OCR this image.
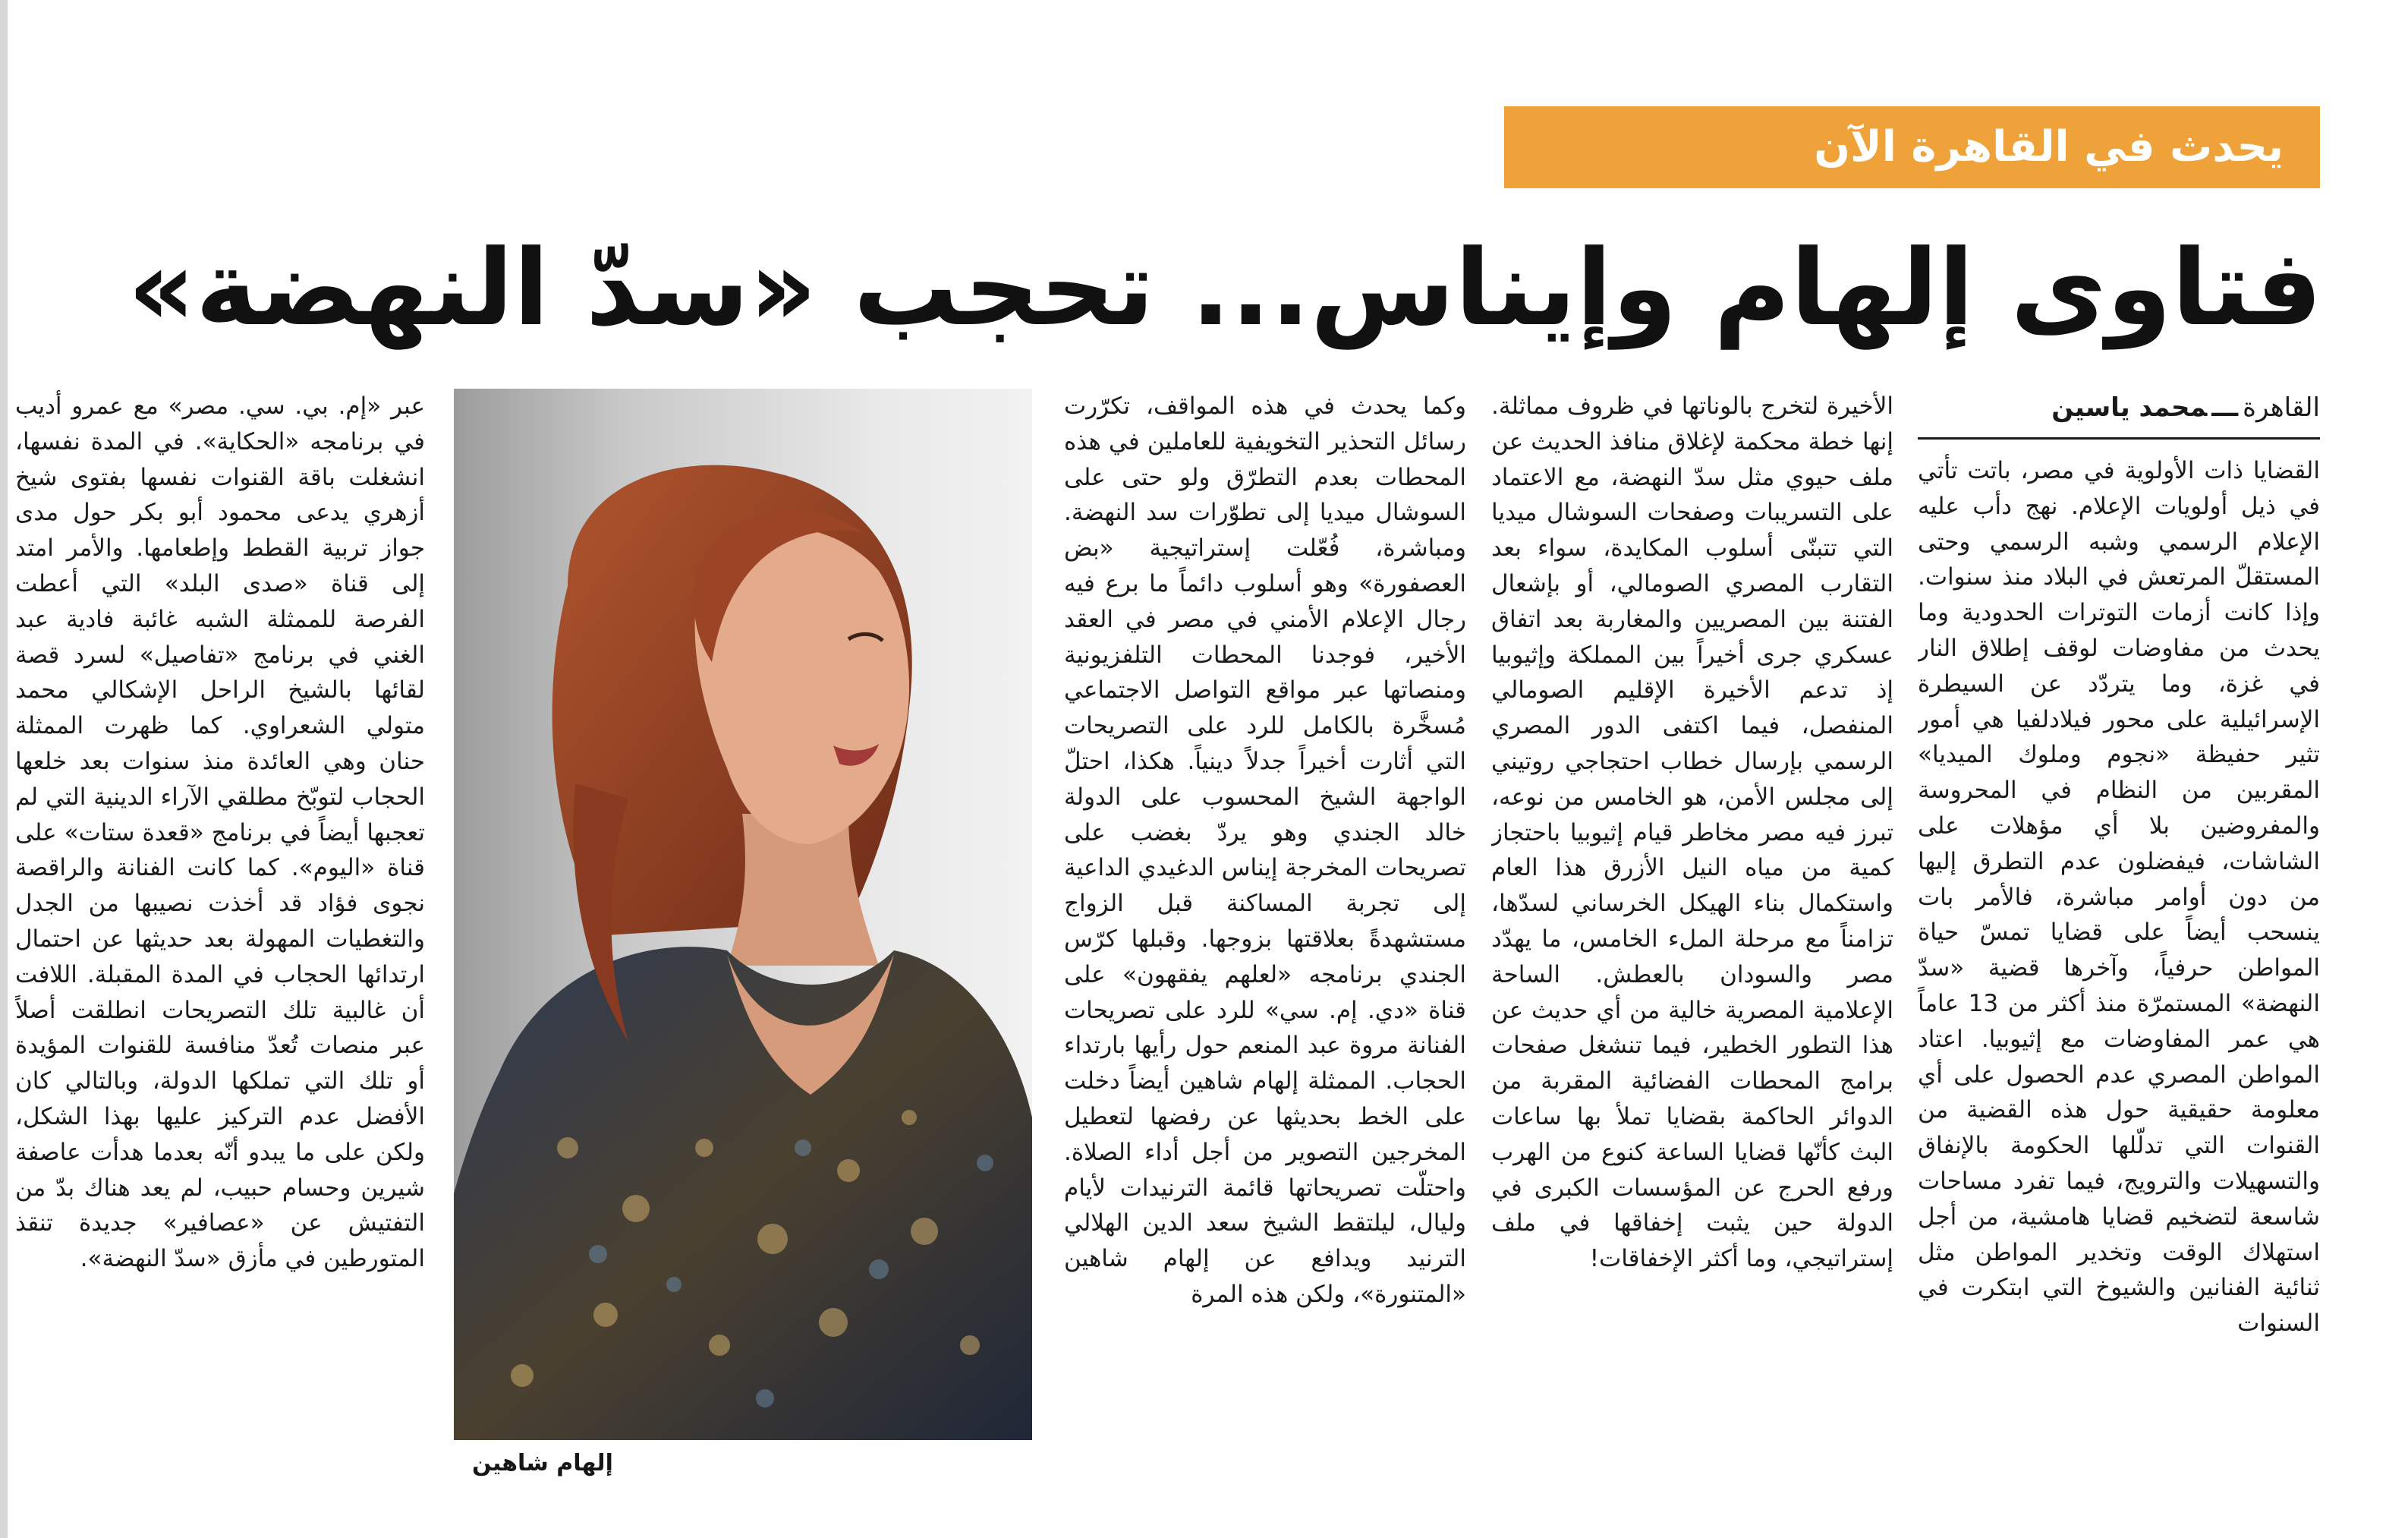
يحدث في القاهرة الآن
فتاوى إلهام وإيناس... تحجب «سدّ النهضة»
القاهرةـــمحمد ياسين

القضايا ذات الأولوية في مصر، باتت تأتي في ذيل أولويات الإعلام. نهج دأب عليه الإعلام الرسمي وشبه الرسمي وحتى المستقلّ المرتعش في البلاد منذ سنوات. وإذا كانت أزمات التوترات الحدودية وما يحدث من مفاوضات لوقف إطلاق النار في غزة، وما يتردّد عن السيطرة الإسرائيلية على محور فيلادلفيا هي أمور تثير حفيظة «نجوم وملوك الميديا» المقربين من النظام في المحروسة والمفروضين بلا أي مؤهلات على الشاشات، فيفضلون عدم التطرق إليها من دون أوامر مباشرة، فالأمر بات ينسحب أيضاً على قضايا تمسّ حياة المواطن حرفياً، وآخرها قضية «سدّ النهضة» المستمرّة منذ أكثر من 13 عاماً هي عمر المفاوضات مع إثيوبيا. اعتاد المواطن المصري عدم الحصول على أي معلومة حقيقية حول هذه القضية من القنوات التي تدلّلها الحكومة بالإنفاق والتسهيلات والترويج، فيما تفرد مساحات شاسعة لتضخيم قضايا هامشية، من أجل استهلاك الوقت وتخدير المواطن مثل ثنائية الفنانين والشيوخ التي ابتكرت في السنوات

الأخيرة لتخرج بالوناتها في ظروف مماثلة. إنها خطة محكمة لإغلاق منافذ الحديث عن ملف حيوي مثل سدّ النهضة، مع الاعتماد على التسريبات وصفحات السوشال ميديا التي تتبنّى أسلوب المكايدة، سواء بعد التقارب المصري الصومالي، أو بإشعال الفتنة بين المصريين والمغاربة بعد اتفاق عسكري جرى أخيراً بين المملكة وإثيوبيا إذ تدعم الأخيرة الإقليم الصومالي المنفصل، فيما اكتفى الدور المصري الرسمي بإرسال خطاب احتجاجي روتيني إلى مجلس الأمن، هو الخامس من نوعه، تبرز فيه مصر مخاطر قيام إثيوبيا باحتجاز كمية من مياه النيل الأزرق هذا العام واستكمال بناء الهيكل الخرساني لسدّها، تزامناً مع مرحلة الملء الخامس، ما يهدّد مصر والسودان بالعطش. الساحة الإعلامية المصرية خالية من أي حديث عن هذا التطور الخطير، فيما تنشغل صفحات برامج المحطات الفضائية المقربة من الدوائر الحاكمة بقضايا تملأ بها ساعات البث كأنّها قضايا الساعة كنوع من الهرب ورفع الحرج عن المؤسسات الكبرى في الدولة حين يثبت إخفاقها في ملف إستراتيجي، وما أكثر الإخفاقات!

وكما يحدث في هذه المواقف، تكرّرت رسائل التحذير التخويفية للعاملين في هذه المحطات بعدم التطرّق ولو حتى على السوشال ميديا إلى تطوّرات سد النهضة. ومباشرة، فُعّلت إستراتيجية «بض العصفورة» وهو أسلوب دائماً ما برع فيه رجال الإعلام الأمني في مصر في العقد الأخير، فوجدنا المحطات التلفزيونية ومنصاتها عبر مواقع التواصل الاجتماعي مُسخَّرة بالكامل للرد على التصريحات التي أثارت أخيراً جدلاً دينياً. هكذا، احتلّ الواجهة الشيخ المحسوب على الدولة خالد الجندي وهو يردّ بغضب على تصريحات المخرجة إيناس الدغيدي الداعية إلى تجربة المساكنة قبل الزواج مستشهدةً بعلاقتها بزوجها. وقبلها كرّس الجندي برنامجه «لعلهم يفقهون» على قناة «دي. إم. سي» للرد على تصريحات الفنانة مروة عبد المنعم حول رأيها بارتداء الحجاب. الممثلة إلهام شاهين أيضاً دخلت على الخط بحديثها عن رفضها لتعطيل المخرجين التصوير من أجل أداء الصلاة. واحتلّت تصريحاتها قائمة الترنيدات لأيام وليال، ليلتقط الشيخ سعد الدين الهلالي الترنيد ويدافع عن إلهام شاهين «المتنورة»، ولكن هذه المرة

إلهام شاهين

عبر «إم. بي. سي. مصر» مع عمرو أديب في برنامجه «الحكاية». في المدة نفسها، انشغلت باقة القنوات نفسها بفتوى شيخ أزهري يدعى محمود أبو بكر حول مدى جواز تربية القطط وإطعامها. والأمر امتد إلى قناة «صدى البلد» التي أعطت الفرصة للممثلة الشبه غائبة فادية عبد الغني في برنامج «تفاصيل» لسرد قصة لقائها بالشيخ الراحل الإشكالي محمد متولي الشعراوي. كما ظهرت الممثلة حنان وهي العائدة منذ سنوات بعد خلعها الحجاب لتوبّخ مطلقي الآراء الدينية التي لم تعجبها أيضاً في برنامج «قعدة ستات» على قناة «اليوم». كما كانت الفنانة والراقصة نجوى فؤاد قد أخذت نصيبها من الجدل والتغطيات المهولة بعد حديثها عن احتمال ارتدائها الحجاب في المدة المقبلة. اللافت أن غالبية تلك التصريحات انطلقت أصلاً عبر منصات تُعدّ منافسة للقنوات المؤيدة أو تلك التي تملكها الدولة، وبالتالي كان الأفضل عدم التركيز عليها بهذا الشكل، ولكن على ما يبدو أنّه بعدما هدأت عاصفة شيرين وحسام حبيب، لم يعد هناك بدّ من التفتيش عن «عصافير» جديدة تنقذ المتورطين في مأزق «سدّ النهضة».
